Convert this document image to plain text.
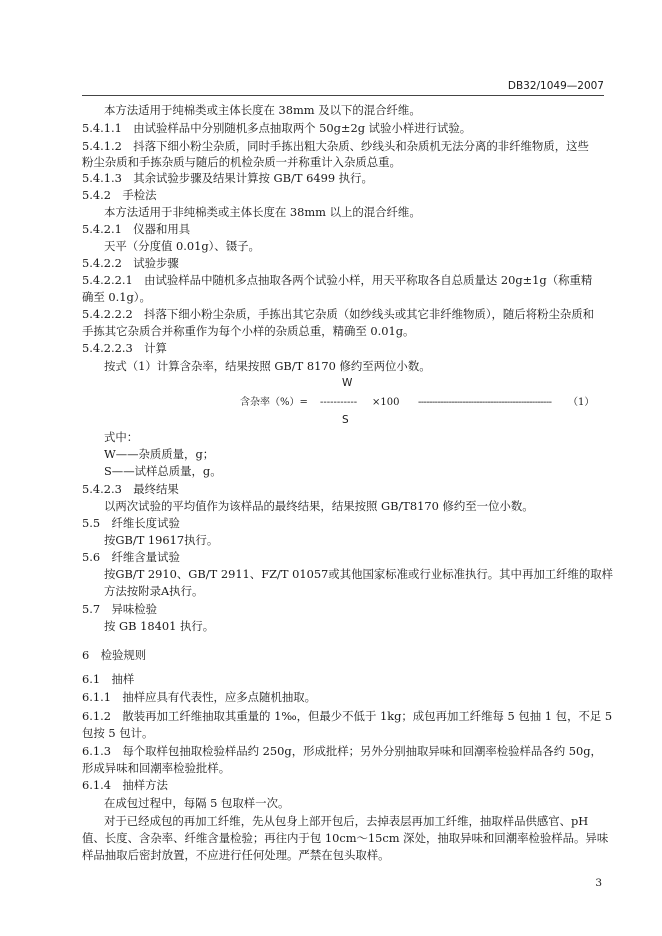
DB32/1049—2007
本方法适用于纯棉类或主体长度在 38mm 及以下的混合纤维。
5.4.1.1　由试验样品中分别随机多点抽取两个 50g±2g 试验小样进行试验。
5.4.1.2　抖落下细小粉尘杂质，同时手拣出粗大杂质、纱线头和杂质机无法分离的非纤维物质，这些
粉尘杂质和手拣杂质与随后的机检杂质一并称重计入杂质总重。
5.4.1.3　其余试验步骤及结果计算按 GB/T 6499 执行。
5.4.2　手检法
本方法适用于非纯棉类或主体长度在 38mm 以上的混合纤维。
5.4.2.1　仪器和用具
天平（分度值 0.01g）、镊子。
5.4.2.2　试验步骤
5.4.2.2.1　由试验样品中随机多点抽取各两个试验小样，用天平称取各自总质量达 20g±1g（称重精
确至 0.1g）。
5.4.2.2.2　抖落下细小粉尘杂质，手拣出其它杂质（如纱线头或其它非纤维物质），随后将粉尘杂质和
手拣其它杂质合并称重作为每个小样的杂质总重，精确至 0.01g。
5.4.2.2.3　计算
按式（1）计算含杂率，结果按照 GB/T 8170 修约至两位小数。
W
含杂率（%）= ----------- ×100 ------------------------------------------------ （1）
S
式中：
W——杂质质量，g；
S——试样总质量，g。
5.4.2.3　最终结果
以两次试验的平均值作为该样品的最终结果，结果按照 GB/T8170 修约至一位小数。
5.5　纤维长度试验
按GB/T 19617执行。
5.6　纤维含量试验
按GB/T 2910、GB/T 2911、FZ/T 01057或其他国家标准或行业标准执行。其中再加工纤维的取样
方法按附录A执行。
5.7　异味检验
按 GB 18401 执行。
6　检验规则
6.1　抽样
6.1.1　抽样应具有代表性，应多点随机抽取。
6.1.2　散装再加工纤维抽取其重量的 1‰，但最少不低于 1kg；成包再加工纤维每 5 包抽 1 包，不足 5
包按 5 包计。
6.1.3　每个取样包抽取检验样品约 250g，形成批样；另外分别抽取异味和回潮率检验样品各约 50g，
形成异味和回潮率检验批样。
6.1.4　抽样方法
在成包过程中，每隔 5 包取样一次。
对于已经成包的再加工纤维，先从包身上部开包后，去掉表层再加工纤维，抽取样品供感官、pH
值、长度、含杂率、纤维含量检验；再往内于包 10cm～15cm 深处，抽取异味和回潮率检验样品。异味
样品抽取后密封放置，不应进行任何处理。严禁在包头取样。
3
